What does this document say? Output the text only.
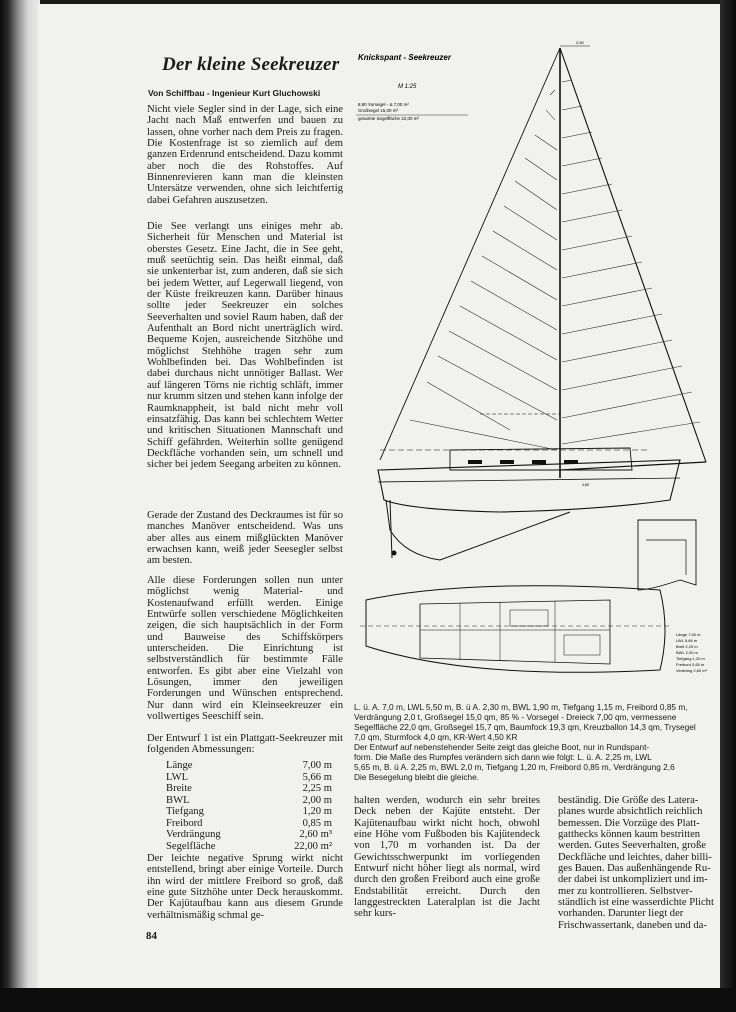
Der kleine Seekreuzer
Von Schiffbau - Ingenieur Kurt Gluchowski

Nicht viele Segler sind in der Lage, sich eine Jacht nach Maß entwerfen und bauen zu lassen, ohne vorher nach dem Preis zu fragen. Die Kostenfrage ist so ziemlich auf dem ganzen Erdenrund entscheidend. Dazu kommt aber noch die des Rohstoffes. Auf Binnenrevieren kann man die kleinsten Untersätze verwenden, ohne sich leichtfertig dabei Gefahren auszusetzen.

Die See verlangt uns einiges mehr ab. Sicherheit für Menschen und Material ist oberstes Gesetz. Eine Jacht, die in See geht, muß seetüchtig sein. Das heißt einmal, daß sie unkenterbar ist, zum anderen, daß sie sich bei jedem Wetter, auf Legerwall liegend, von der Küste freikreuzen kann. Darüber hinaus sollte jeder Seekreuzer ein solches Seeverhalten und soviel Raum haben, daß der Aufenthalt an Bord nicht unerträglich wird. Bequeme Kojen, ausreichende Sitzhöhe und möglichst Stehhöhe tragen sehr zum Wohlbefinden bei. Das Wohlbefinden ist dabei durchaus nicht unnötiger Ballast. Wer auf längeren Törns nie richtig schläft, immer nur krumm sitzen und stehen kann infolge der Raumknappheit, ist bald nicht mehr voll einsatzfähig. Das kann bei schlechtem Wetter und kritischen Situationen Mannschaft und Schiff gefährden. Weiterhin sollte genügend Deckfläche vorhanden sein, um schnell und sicher bei jedem Seegang arbeiten zu können.

Gerade der Zustand des Deckraumes ist für so manches Manöver entscheidend. Was uns aber alles aus einem mißglückten Manöver erwachsen kann, weiß jeder Seesegler selbst am besten.

Alle diese Forderungen sollen nun unter möglichst wenig Material- und Kostenaufwand erfüllt werden. Einige Entwürfe sollen verschiedene Möglichkeiten zeigen, die sich hauptsächlich in der Form und Bauweise des Schiffskörpers unterscheiden. Die Einrichtung ist selbstverständlich für bestimmte Fälle entworfen. Es gibt aber eine Vielzahl von Lösungen, immer den jeweiligen Forderungen und Wünschen entsprechend. Nur dann wird ein Kleinseekreuzer ein vollwertiges Seeschiff sein.

Der Entwurf 1 ist ein Plattgatt-Seekreuzer mit folgenden Abmessungen:

Länge	7,00 m
LWL	5,66 m
Breite	2,25 m
BWL	2,00 m
Tiefgang	1,20 m
Freibord	0,85 m
Verdrängung	2,60 m³
Segelfläche	22,00 m²

Der leichte negative Sprung wirkt nicht entstellend, bringt aber einige Vorteile. Durch ihn wird der mittlere Freibord so groß, daß eine gute Sitzhöhe unter Deck herauskommt. Der Kajütaufbau kann aus diesem Grunde verhältnismäßig schmal ge-

84
Knickspant - Seekreuzer
M 1:25
8,80 Vorsegel - Δ 7,00 m²
Großsegel 15,00 m²
gesamte Segelfläche 22,00 m²
2,50
4,85
Länge 7,00 m
LWL 5,66 m
Breit 2,25 m
BWL 2,00 m
Tiefgang 1,20 m
Freibord 0,85 m
Verdräng 2,60 m³

L. ü. A. 7,0 m, LWL 5,50 m, B. ü A. 2,30 m, BWL 1,90 m, Tiefgang 1,15 m, Freibord 0,85 m,
Verdrängung 2,0 t, Großsegel 15,0 qm, 85 % - Vorsegel - Dreieck 7,00 qm, vermessene
Segelfläche 22,0 qm, Großsegel 15,7 qm, Baumfock 19,3 qm, Kreuzballon 14,3 qm, Trysegel
7,0 qm, Sturmfock 4,0 qm, KR-Wert 4,50 KR
Der Entwurf auf nebenstehender Seite zeigt das gleiche Boot, nur in Rundspant-
form. Die Maße des Rumpfes verändern sich dann wie folgt: L. ü. A. 2,25 m, LWL
5,65 m, B. ü A. 2,25 m, BWL 2,0 m, Tiefgang 1,20 m, Freibord 0,85 m, Verdrängung 2,6
Die Besegelung bleibt die gleiche.

halten werden, wodurch ein sehr breites Deck neben der Kajüte entsteht. Der Kajütenaufbau wirkt nicht hoch, obwohl eine Höhe vom Fußboden bis Kajütendeck von 1,70 m vorhanden ist. Da der Gewichtsschwerpunkt im vorliegenden Entwurf nicht höher liegt als normal, wird durch den großen Freibord auch eine große Endstabilität erreicht. Durch den langgestreckten Lateralplan ist die Jacht sehr kurs-

beständig. Die Größe des Latera-
planes wurde absichtlich reichlich
bemessen. Die Vorzüge des Platt-
gatthecks können kaum bestritten
werden. Gutes Seeverhalten, große
Deckfläche und leichtes, daher billi-
ges Bauen. Das außenhängende Ru-
der dabei ist unkompliziert und im-
mer zu kontrollieren. Selbstver-
ständlich ist eine wasserdichte Plicht
vorhanden. Darunter liegt der
Frischwassertank, daneben und da-
